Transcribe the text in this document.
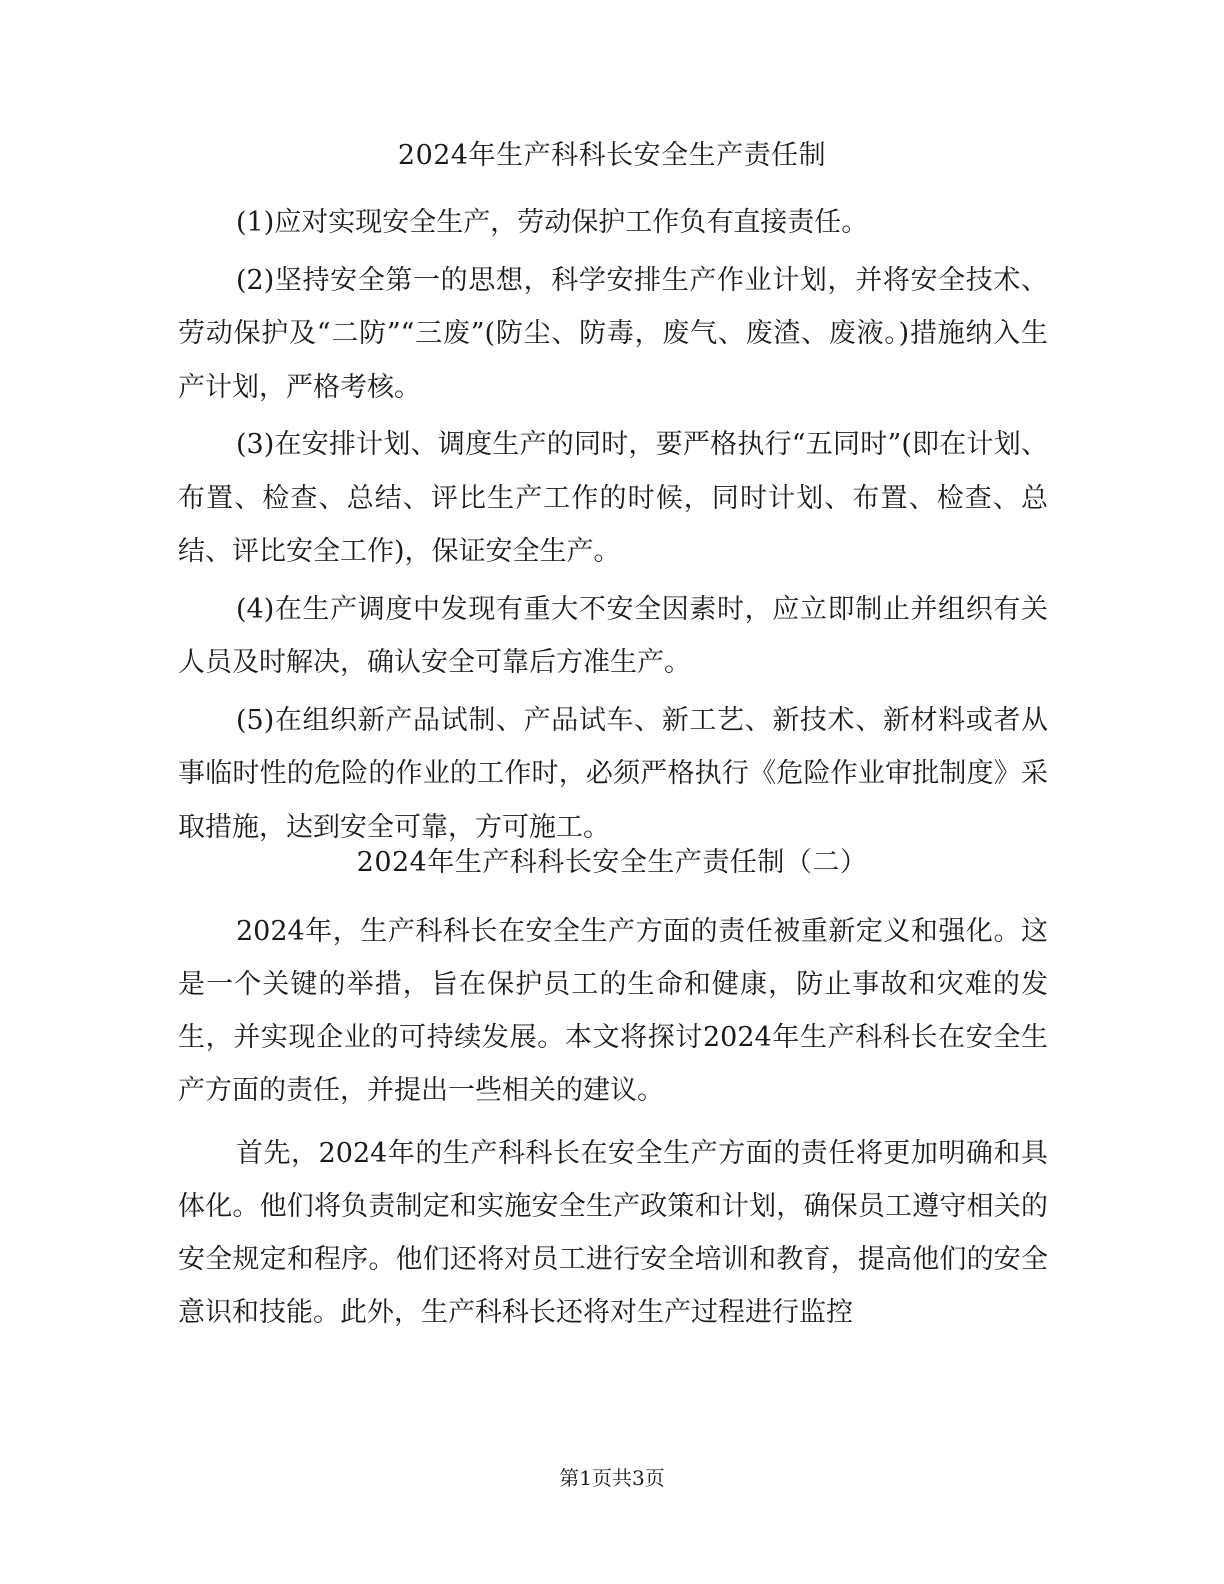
2024年生产科科长安全生产责任制

(1)应对实现安全生产，劳动保护工作负有直接责任。

(2)坚持安全第一的思想，科学安排生产作业计划，并将安全技术、劳动保护及“二防”“三废”(防尘、防毒，废气、废渣、废液。)措施纳入生产计划，严格考核。

(3)在安排计划、调度生产的同时，要严格执行“五同时”(即在计划、布置、检查、总结、评比生产工作的时候，同时计划、布置、检查、总结、评比安全工作)，保证安全生产。

(4)在生产调度中发现有重大不安全因素时，应立即制止并组织有关人员及时解决，确认安全可靠后方准生产。

(5)在组织新产品试制、产品试车、新工艺、新技术、新材料或者从事临时性的危险的作业的工作时，必须严格执行《危险作业审批制度》采取措施，达到安全可靠，方可施工。

2024年生产科科长安全生产责任制（二）

2024年，生产科科长在安全生产方面的责任被重新定义和强化。这是一个关键的举措，旨在保护员工的生命和健康，防止事故和灾难的发生，并实现企业的可持续发展。本文将探讨2024年生产科科长在安全生产方面的责任，并提出一些相关的建议。

首先，2024年的生产科科长在安全生产方面的责任将更加明确和具体化。他们将负责制定和实施安全生产政策和计划，确保员工遵守相关的安全规定和程序。他们还将对员工进行安全培训和教育，提高他们的安全意识和技能。此外，生产科科长还将对生产过程进行监控

第1页共3页
